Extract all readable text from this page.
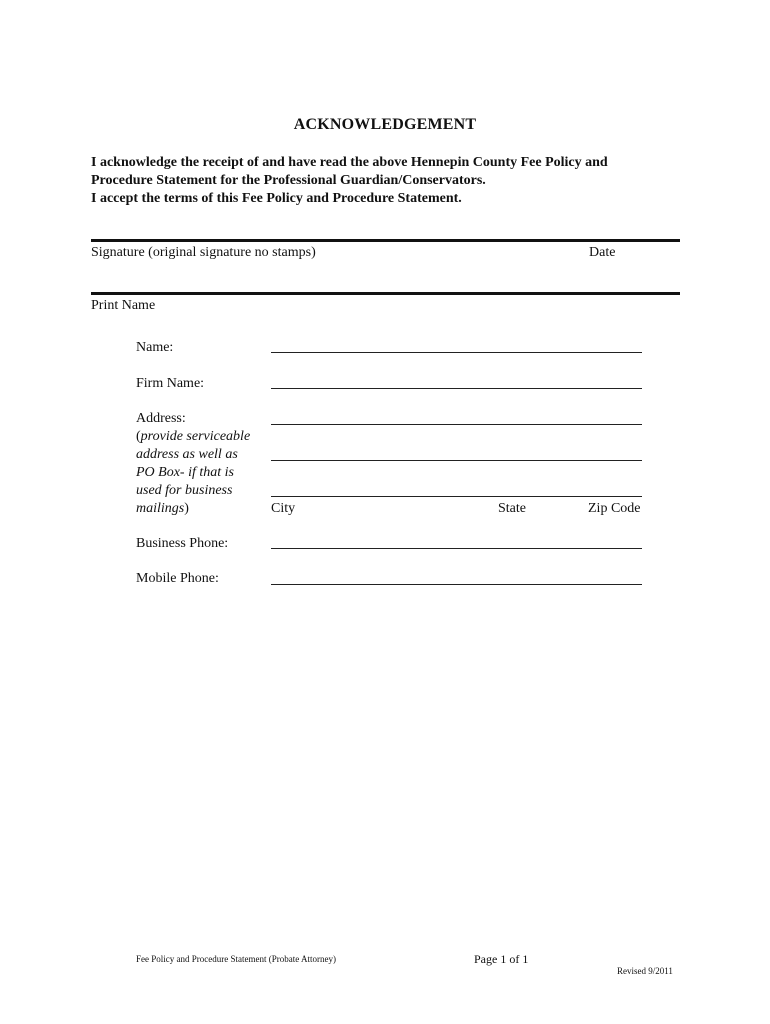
ACKNOWLEDGEMENT
I acknowledge the receipt of and have read the above Hennepin County Fee Policy and
Procedure Statement for the Professional Guardian/Conservators.
I accept the terms of this Fee Policy and Procedure Statement.
Signature (original signature no stamps)	Date
Print Name
Name:
Firm Name:
Address:
(provide serviceable
address as well as
PO Box- if that is
used for business
mailings)	City	State	Zip Code
Business Phone:
Mobile Phone:
Fee Policy and Procedure Statement (Probate Attorney)	Page 1 of 1
Revised 9/2011
